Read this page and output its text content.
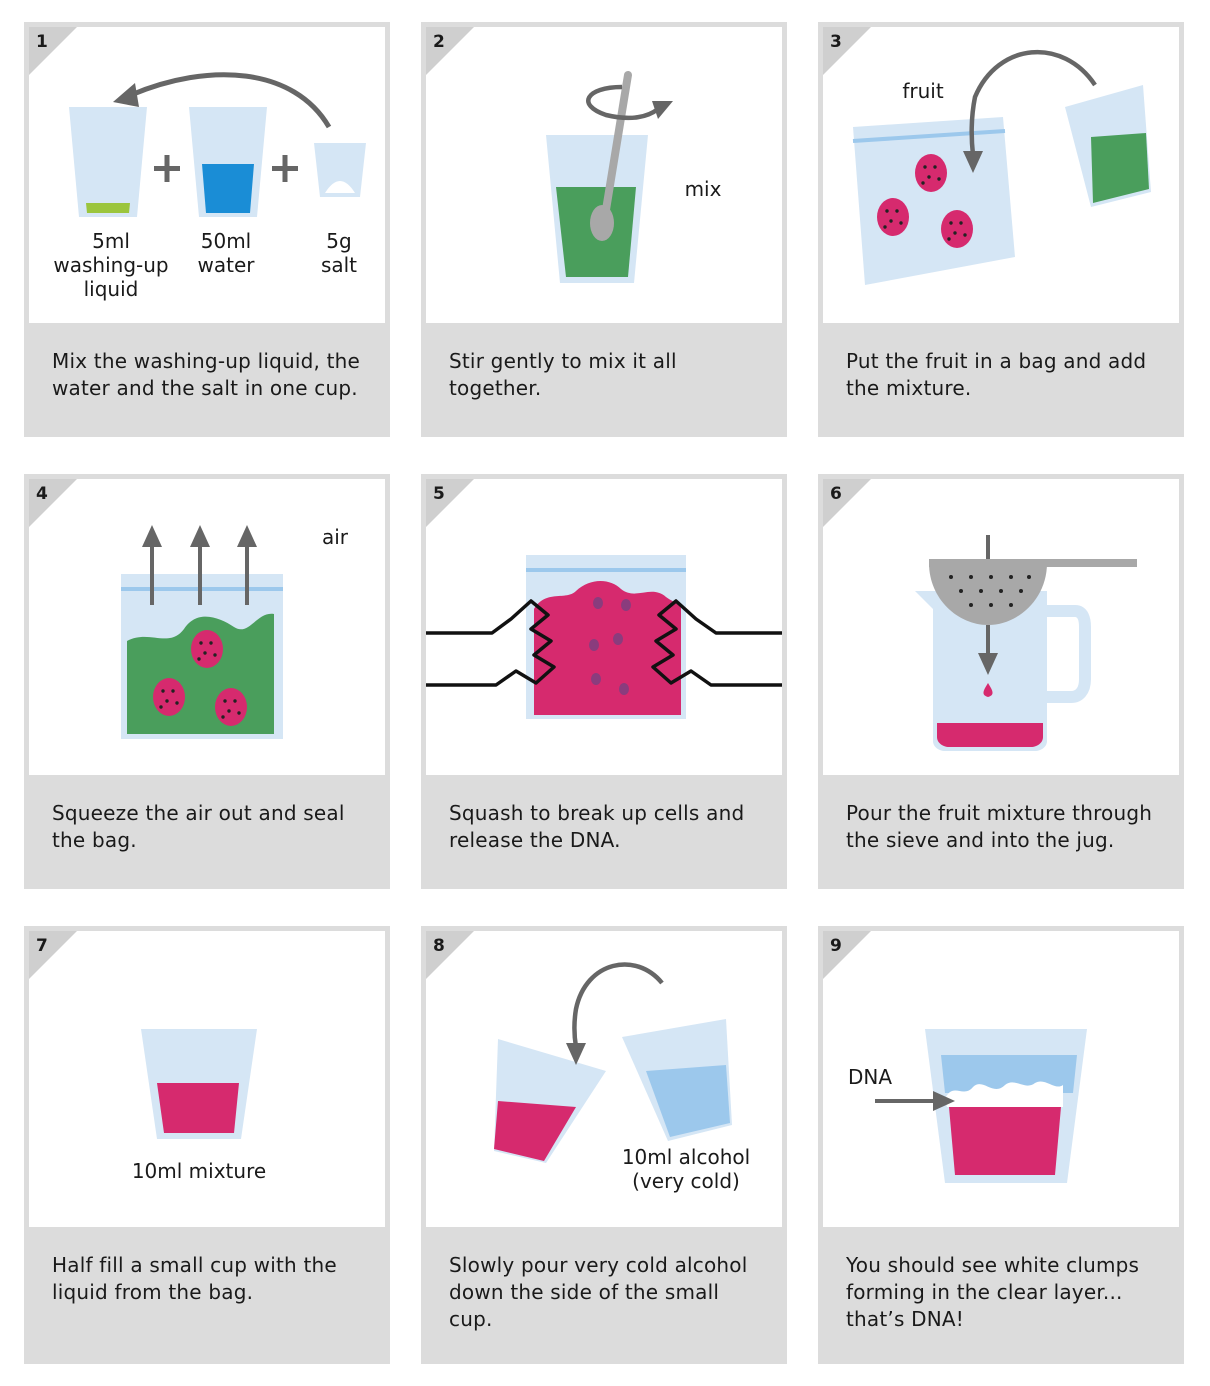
5ml
washing-up
liquid
50ml
water
5g
salt
1
Mix the washing-up liquid, the water and the salt in one cup.
mix
2
Stir gently to mix it all together.
fruit
3
Put the fruit in a bag and add the mixture.
air
4
Squeeze the air out and seal the bag.
5
Squash to break up cells and release the DNA.
6
Pour the fruit mixture through the sieve and into the jug.
10ml mixture
7
Half fill a small cup with the liquid from the bag.
10ml alcohol
(very cold)
8
Slowly pour very cold alcohol down the side of the small cup.
DNA
9
You should see white clumps forming in the clear layer... that’s DNA!
